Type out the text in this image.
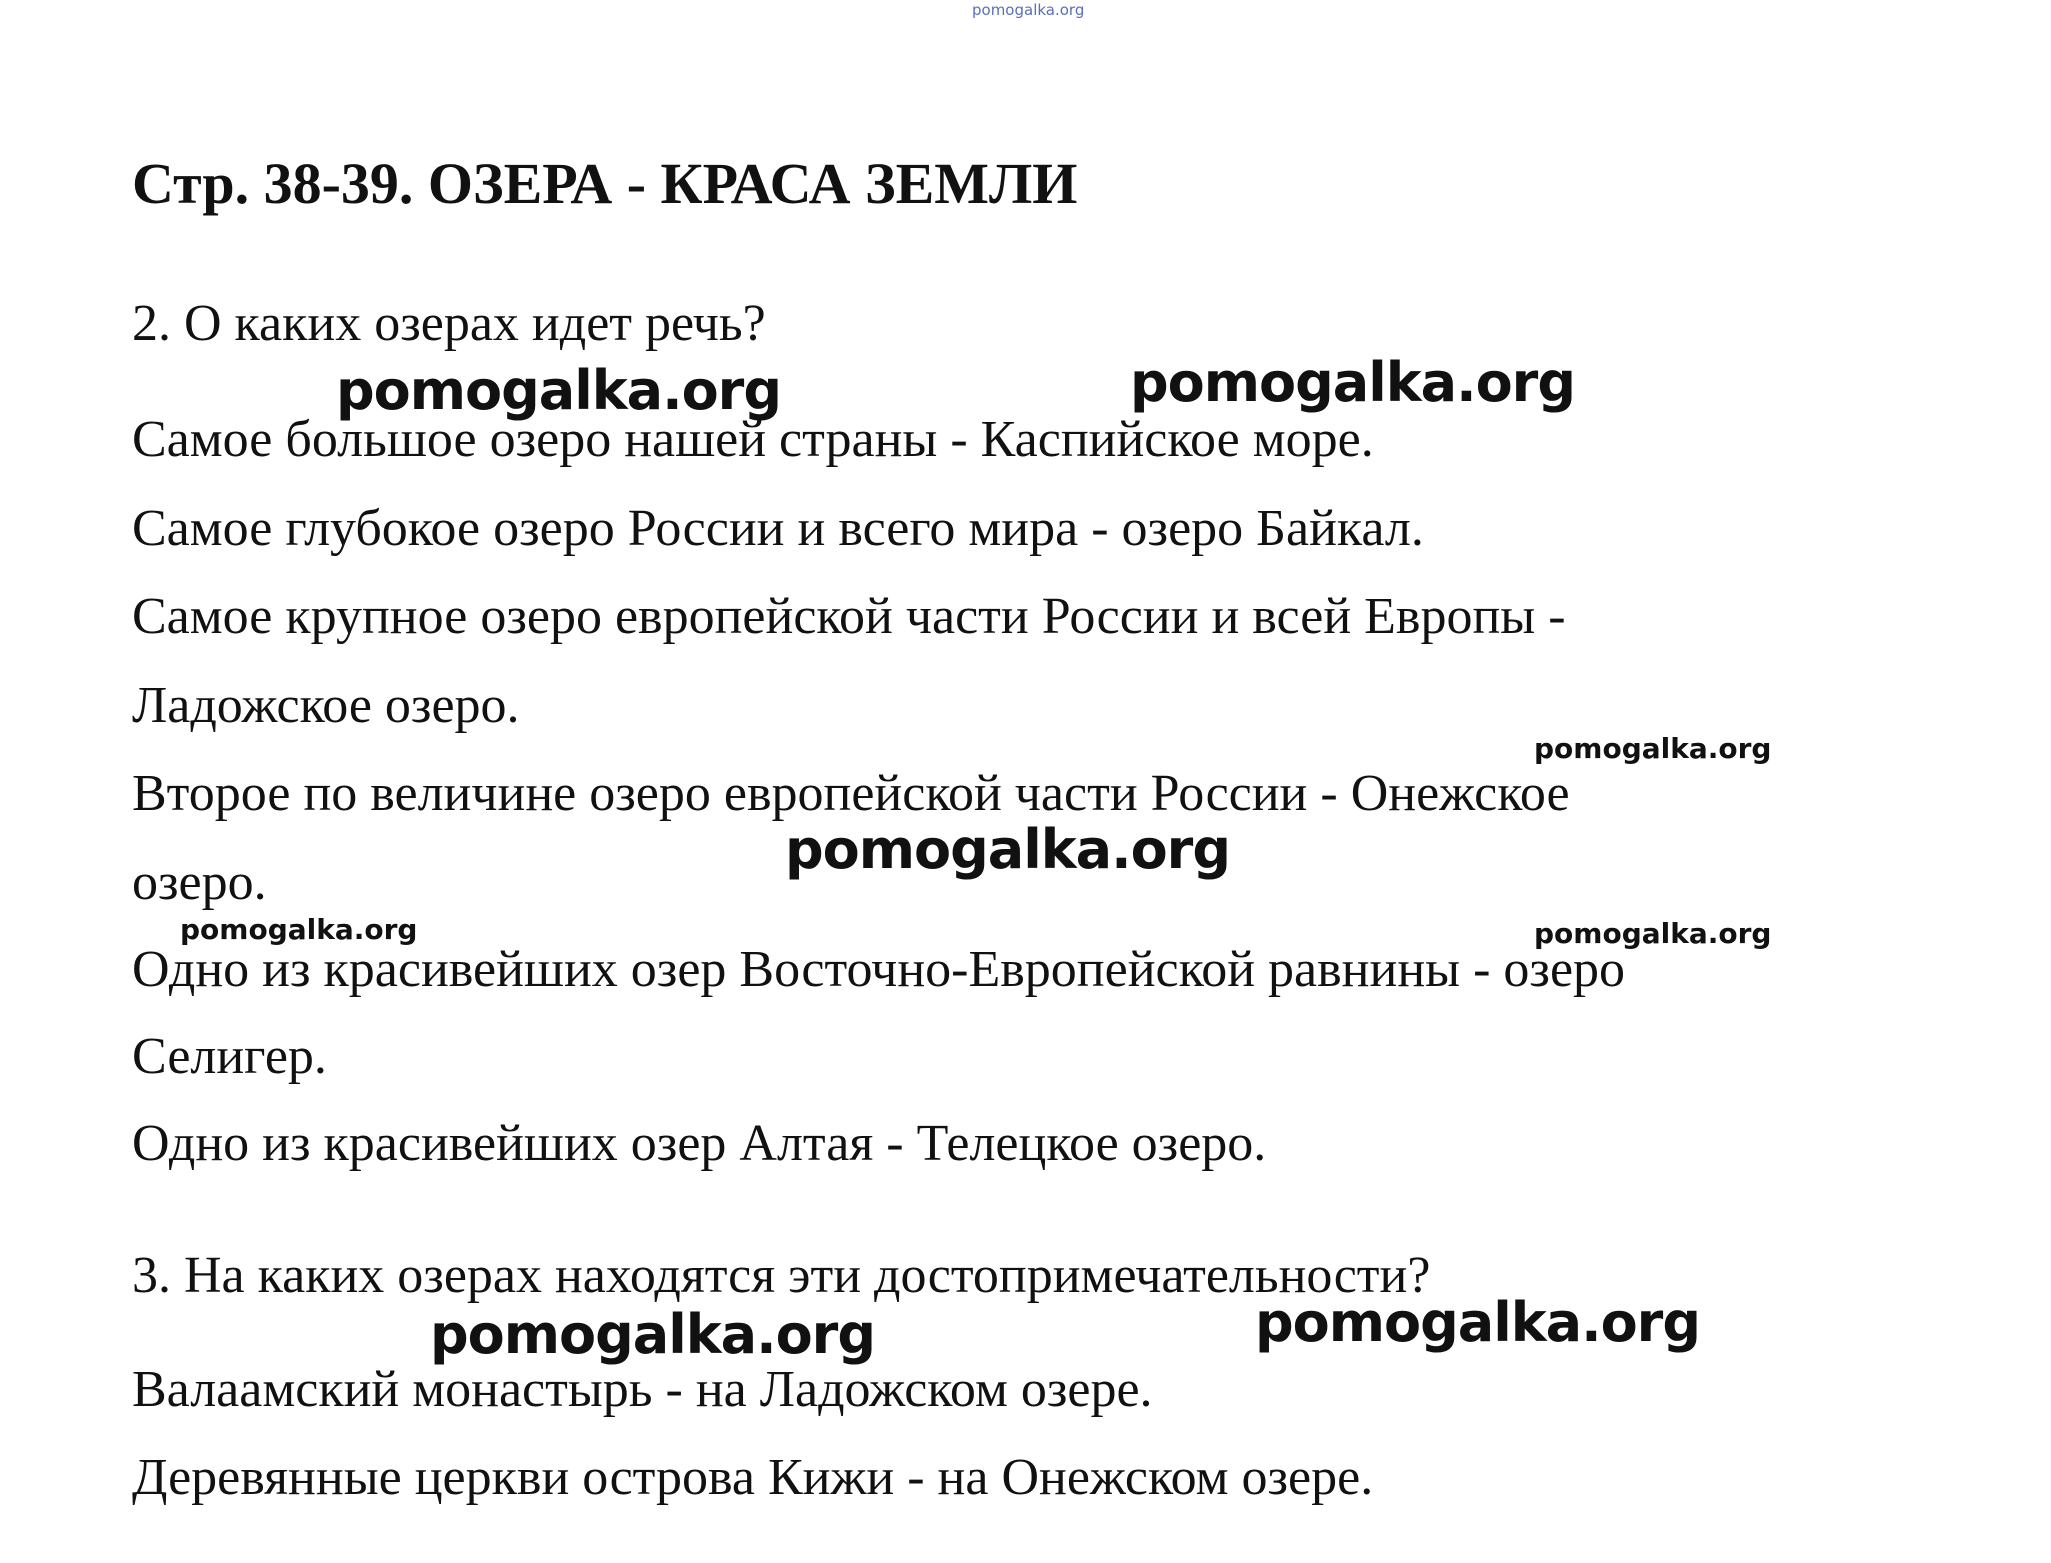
pomogalka.org
Стр. 38-39. ОЗЕРА - КРАСА ЗЕМЛИ

2. О каких озерах идет речь?

Самое большое озеро нашей страны - Каспийское море.

Самое глубокое озеро России и всего мира - озеро Байкал.

Самое крупное озеро европейской части России и всей Европы -

Ладожское озеро.

Второе по величине озеро европейской части России - Онежское

озеро.

Одно из красивейших озер Восточно-Европейской равнины - озеро

Селигер.

Одно из красивейших озер Алтая - Телецкое озеро.

3. На каких озерах находятся эти достопримечательности?

Валаамский монастырь - на Ладожском озере.

Деревянные церкви острова Кижи - на Онежском озере.

pomogalka.org	pomogalka.org
pomogalka.org
pomogalka.org
pomogalka.org	pomogalka.org
pomogalka.org	pomogalka.org
